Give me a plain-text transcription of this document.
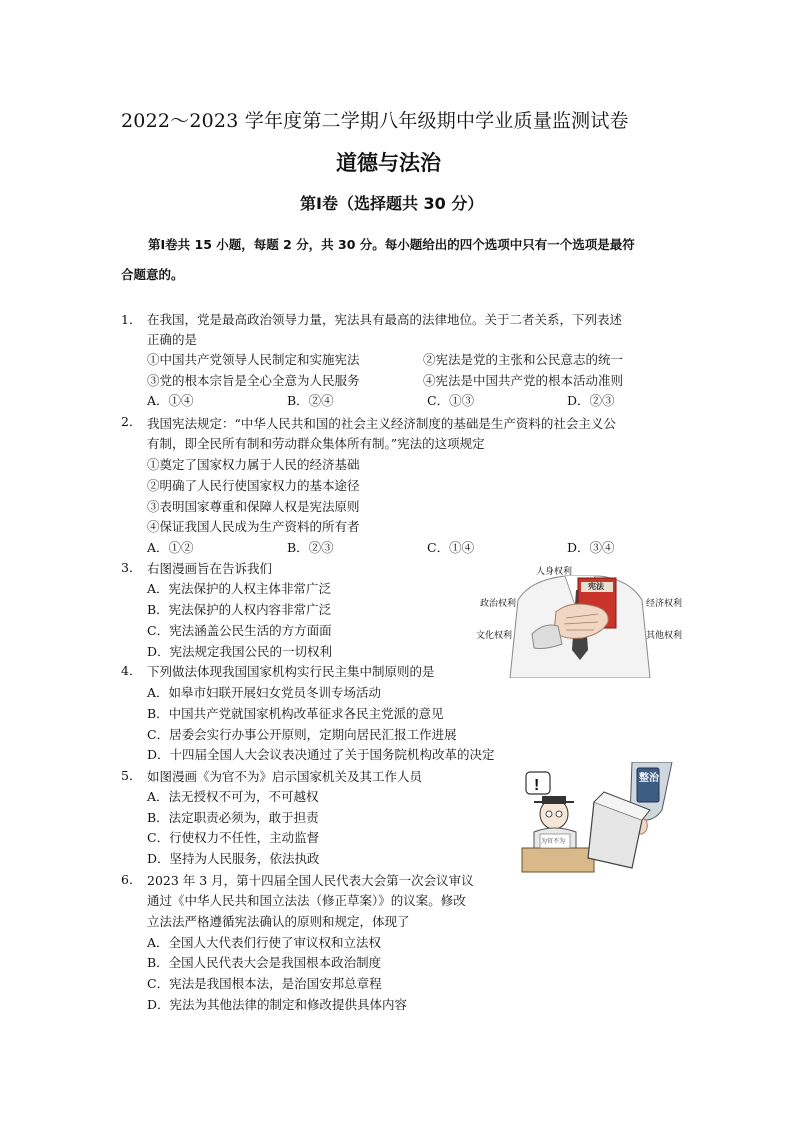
2022～2023 学年度第二学期八年级期中学业质量监测试卷
道德与法治
第Ⅰ卷（选择题共 30 分）
第Ⅰ卷共 15 小题，每题 2 分，共 30 分。每小题给出的四个选项中只有一个选项是最符
合题意的。
1． 在我国，党是最高政治领导力量，宪法具有最高的法律地位。关于二者关系，下列表述
正确的是
①中国共产党领导人民制定和实施宪法	②宪法是党的主张和公民意志的统一
③党的根本宗旨是全心全意为人民服务	④宪法是中国共产党的根本活动准则
A．①④	B．②④	C．①③	D．②③
2． 我国宪法规定：“中华人民共和国的社会主义经济制度的基础是生产资料的社会主义公
有制，即全民所有制和劳动群众集体所有制。”宪法的这项规定
①奠定了国家权力属于人民的经济基础
②明确了人民行使国家权力的基本途径
③表明国家尊重和保障人权是宪法原则
④保证我国人民成为生产资料的所有者
A．①②	B．②③	C．①④	D．③④
3． 右图漫画旨在告诉我们
A．宪法保护的人权主体非常广泛
B．宪法保护的人权内容非常广泛
C．宪法涵盖公民生活的方方面面
D．宪法规定我国公民的一切权利
宪法
人身权利
政治权利	经济权利
文化权利	其他权利
4． 下列做法体现我国国家机构实行民主集中制原则的是
A．如皋市妇联开展妇女党员冬训专场活动
B．中国共产党就国家机构改革征求各民主党派的意见
C．居委会实行办事公开原则，定期向居民汇报工作进展
D．十四届全国人大会议表决通过了关于国务院机构改革的决定
5． 如图漫画《为官不为》启示国家机关及其工作人员
A．法无授权不可为，不可越权
B．法定职责必须为，敢于担责
C．行使权力不任性，主动监督
D．坚持为人民服务，依法执政
!	整治
为官不为
6． 2023 年 3 月，第十四届全国人民代表大会第一次会议审议
通过《中华人民共和国立法法（修正草案）》的议案。修改
立法法严格遵循宪法确认的原则和规定，体现了
A．全国人大代表们行使了审议权和立法权
B．全国人民代表大会是我国根本政治制度
C．宪法是我国根本法，是治国安邦总章程
D．宪法为其他法律的制定和修改提供具体内容
